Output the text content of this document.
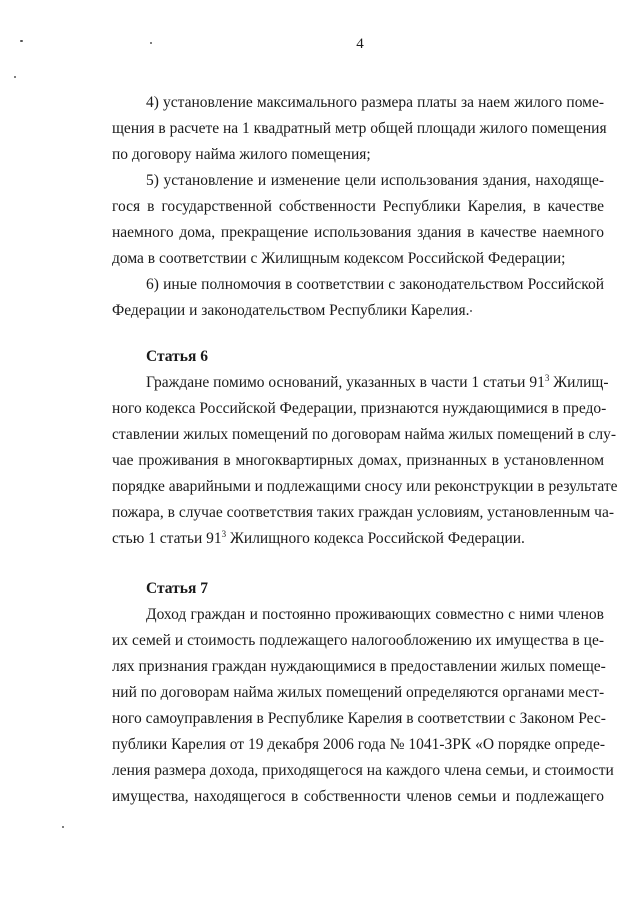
4
4) установление максимального размера платы за наем жилого поме-
щения в расчете на 1 квадратный метр общей площади жилого помещения
по договору найма жилого помещения;
5) установление и изменение цели использования здания, находяще-
гося в государственной собственности Республики Карелия, в качестве
наемного дома, прекращение использования здания в качестве наемного
дома в соответствии с Жилищным кодексом Российской Федерации;
6) иные полномочия в соответствии с законодательством Российской
Федерации и законодательством Республики Карелия.
Статья 6
Граждане помимо оснований, указанных в части 1 статьи $91^3$ Жилищ-
ного кодекса Российской Федерации, признаются нуждающимися в предо-
ставлении жилых помещений по договорам найма жилых помещений в слу-
чае проживания в многоквартирных домах, признанных в установленном
порядке аварийными и подлежащими сносу или реконструкции в результате
пожара, в случае соответствия таких граждан условиям, установленным ча-
стью 1 статьи $91^3$ Жилищного кодекса Российской Федерации.
Статья 7
Доход граждан и постоянно проживающих совместно с ними членов
их семей и стоимость подлежащего налогообложению их имущества в це-
лях признания граждан нуждающимися в предоставлении жилых помеще-
ний по договорам найма жилых помещений определяются органами мест-
ного самоуправления в Республике Карелия в соответствии с Законом Рес-
публики Карелия от 19 декабря 2006 года № 1041-ЗРК «О порядке опреде-
ления размера дохода, приходящегося на каждого члена семьи, и стоимости
имущества, находящегося в собственности членов семьи и подлежащего
